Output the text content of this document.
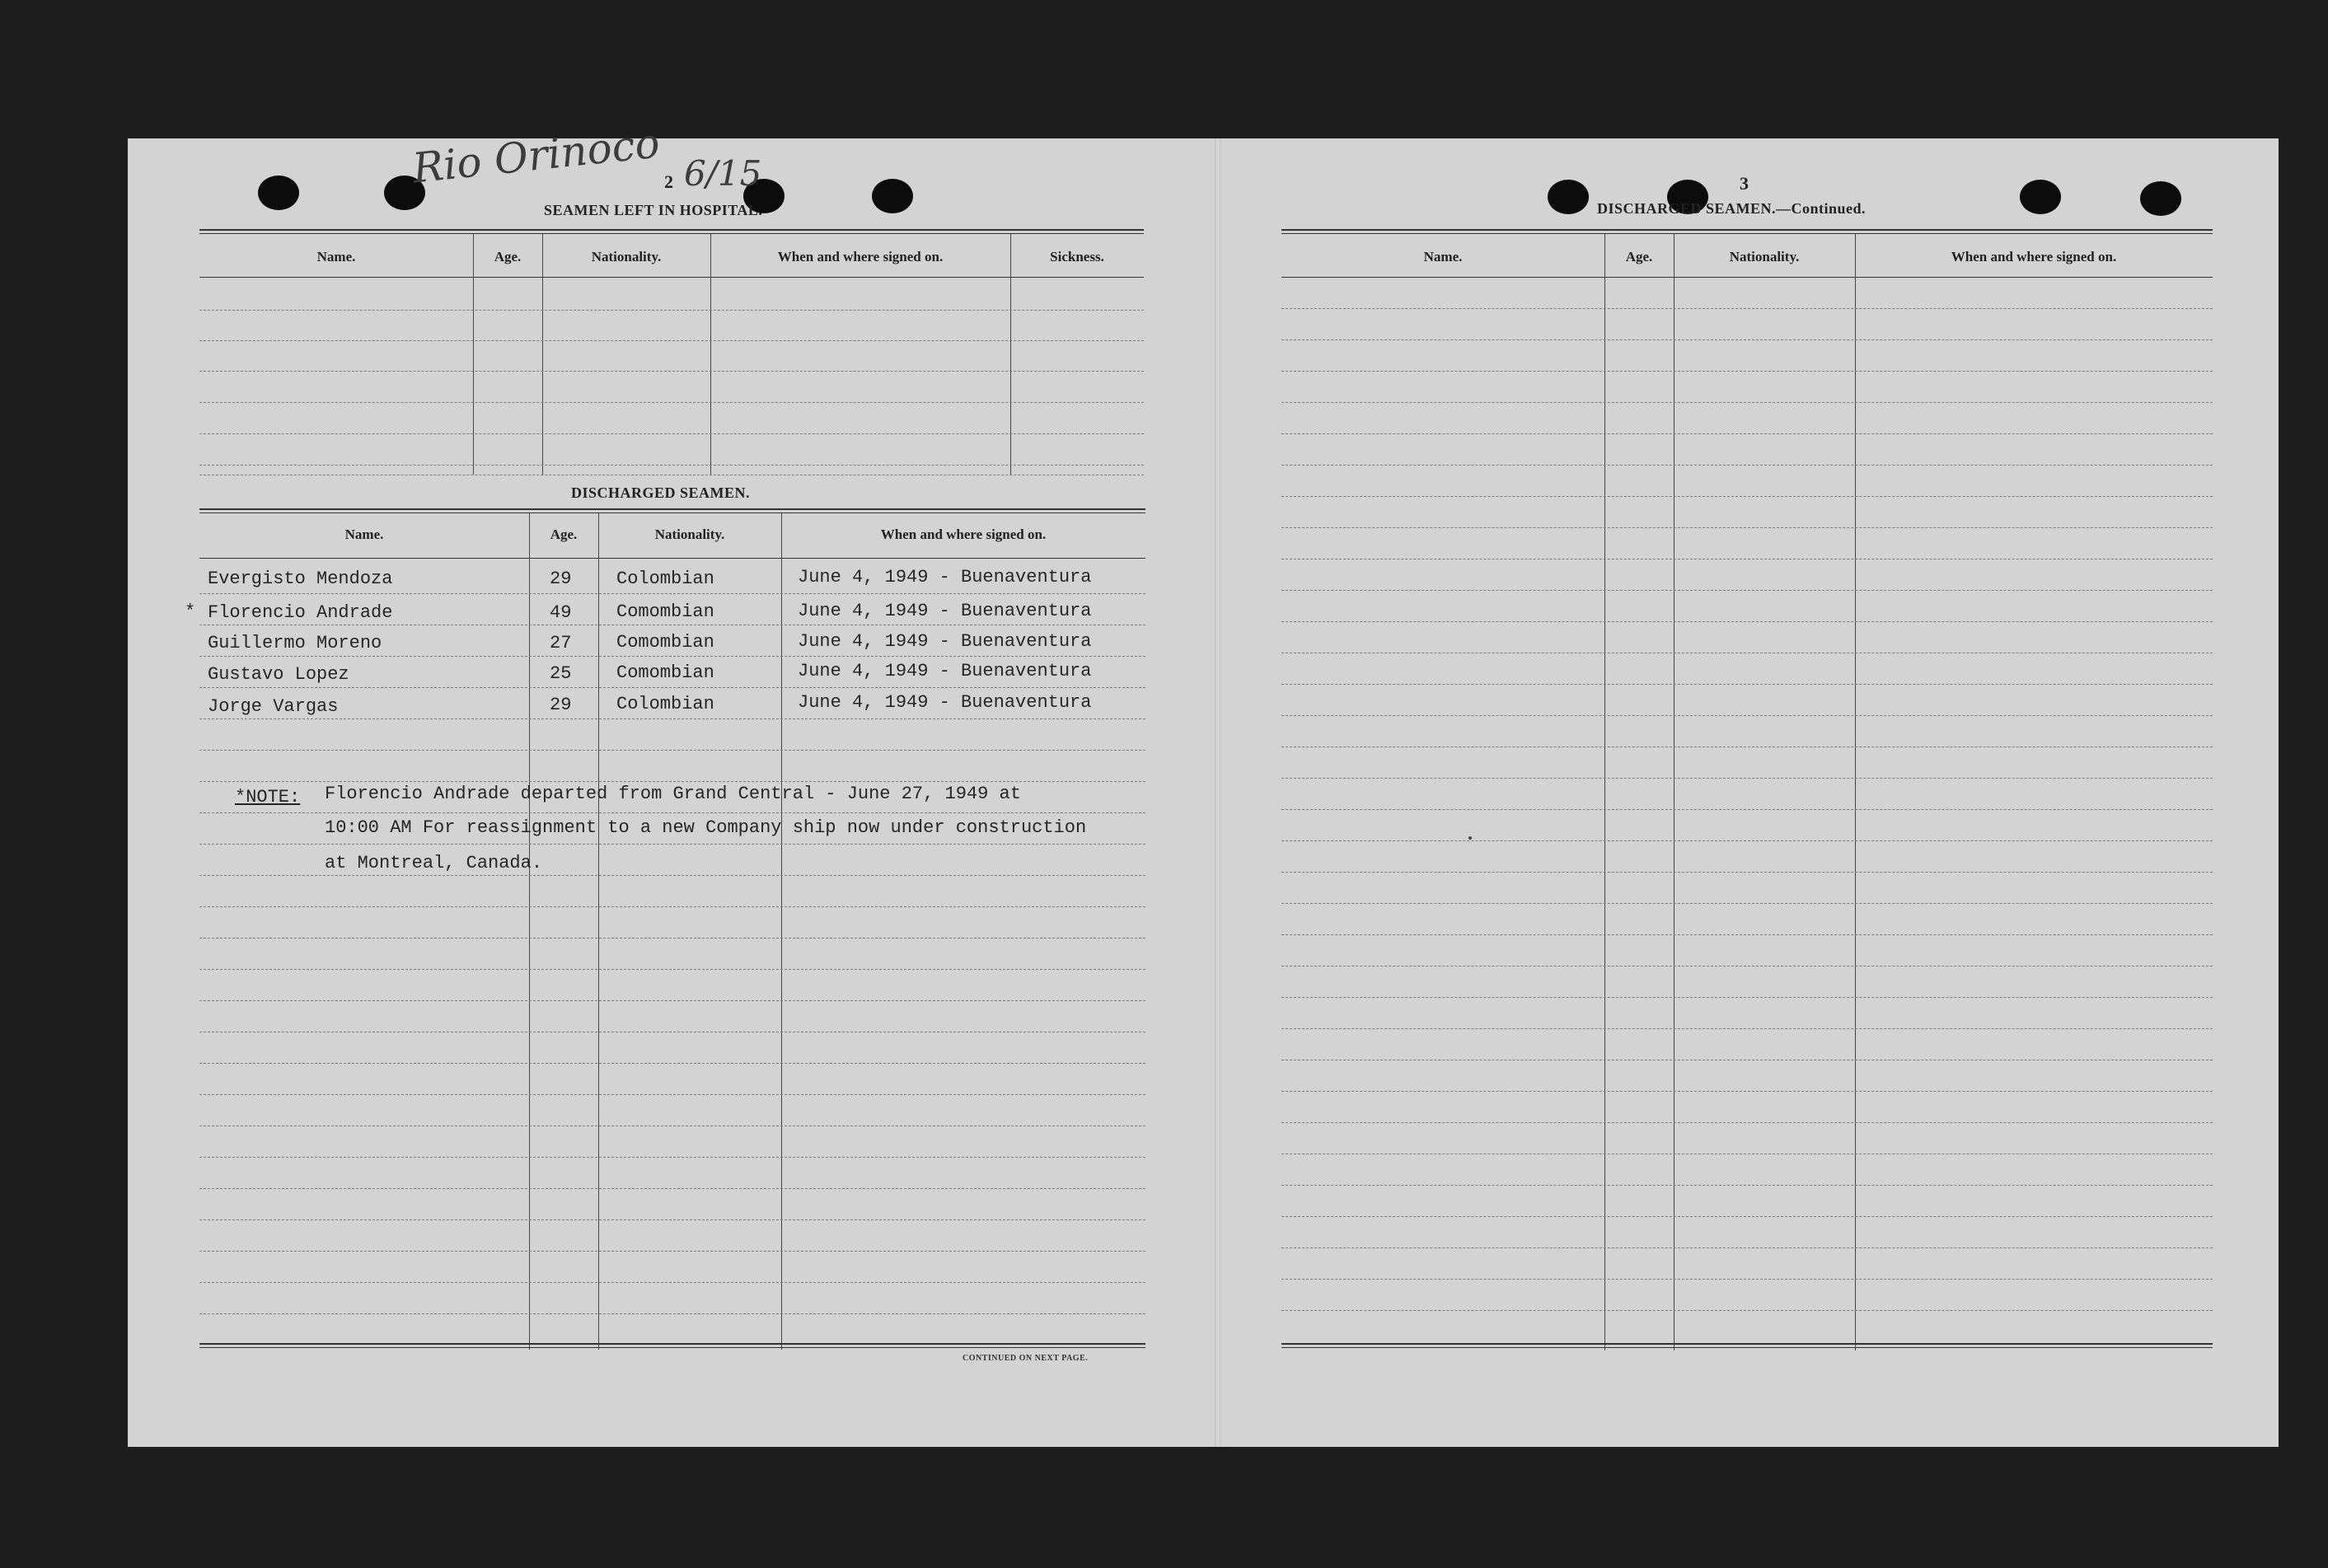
Rio Orinoco 6/15
2
SEAMEN LEFT IN HOSPITAL.
Name.	Age.	Nationality.	When and where signed on.	Sickness.
DISCHARGED SEAMEN.
Name.	Age.	Nationality.	When and where signed on.
Evergisto Mendoza	29 Colombian	June 4, 1949 - Buenaventura
* Florencio Andrade	49 Comombian	June 4, 1949 - Buenaventura
Guillermo Moreno	27 Comombian	June 4, 1949 - Buenaventura
Gustavo Lopez	25 Comombian	June 4, 1949 - Buenaventura
Jorge Vargas	29 Colombian	June 4, 1949 - Buenaventura
*NOTE: Florencio Andrade departed from Grand Central - June 27, 1949 at
10:00 AM For reassignment to a new Company ship now under construction
at Montreal, Canada.
CONTINUED ON NEXT PAGE.
3
DISCHARGED SEAMEN.—Continued.
Name.	Age.	Nationality.	When and where signed on.
